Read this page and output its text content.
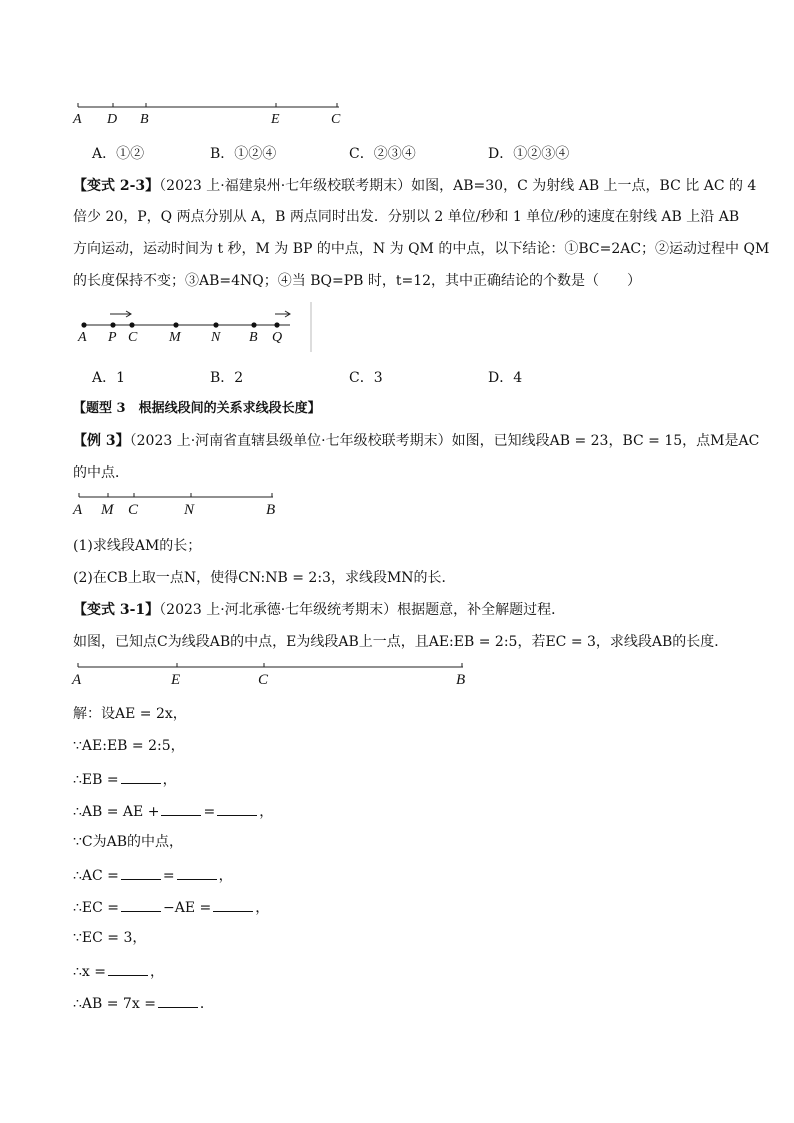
A D B	E	C
A．①②	B．①②④	C．②③④	D．①②③④
【变式 2-3】（2023 上·福建泉州·七年级校联考期末）如图，AB=30，C 为射线 AB 上一点，BC 比 AC 的 4
倍少 20，P，Q 两点分别从 A，B 两点同时出发．分别以 2 单位/秒和 1 单位/秒的速度在射线 AB 上沿 AB
方向运动，运动时间为 t 秒，M 为 BP 的中点，N 为 QM 的中点，以下结论：①BC=2AC；②运动过程中 QM
的长度保持不变；③AB=4NQ；④当 BQ=PB 时，t=12，其中正确结论的个数是（　　）
A P C M N B Q
A．1	B．2	C．3	D．4
【题型 3　根据线段间的关系求线段长度】
【例 3】（2023 上·河南省直辖县级单位·七年级校联考期末）如图，已知线段AB = 23，BC = 15，点M是AC
的中点．
A M C	N	B
(1)求线段AM的长；
(2)在CB上取一点N，使得CN:NB = 2:3，求线段MN的长．
【变式 3-1】（2023 上·河北承德·七年级统考期末）根据题意，补全解题过程．
如图，已知点C为线段AB的中点，E为线段AB上一点，且AE:EB = 2:5，若EC = 3，求线段AB的长度．
A	E	C	B
解：设AE = 2x，
∵AE:EB = 2:5，
∴EB =	，
∴AB = AE +	=	，
∵C为AB的中点，
∴AC =	=	，
∴EC =	−AE =	，
∵EC = 3，
∴x =	，
∴AB = 7x =	．
